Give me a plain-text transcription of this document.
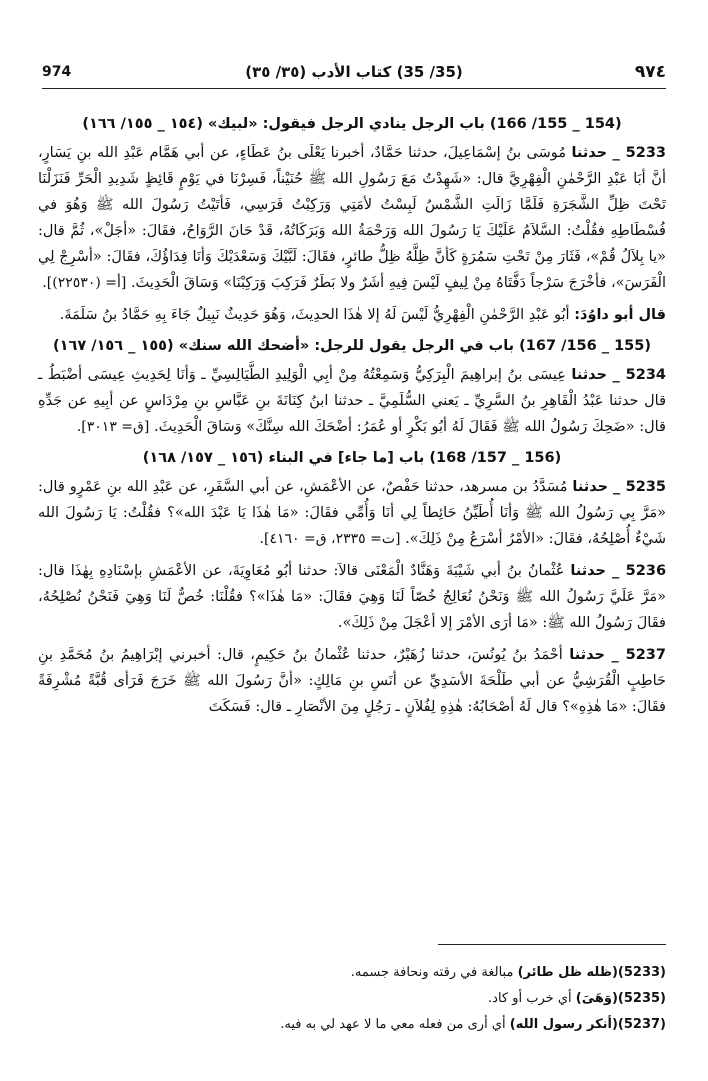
974	(35/ 35) كتاب الأدب (٣٥/ ٣٥)	٩٧٤
(154 _ 155/ 166) باب الرجل ينادي الرجل فيقول: «لبيك» (١٥٤ _ ١٥٥/ ١٦٦)

5233 _ حدثنا مُوسَى بنُ إسْمَاعِيلَ، حدثنا حَمَّادٌ، أخبرنا يَعْلَى بنُ عَطَاءٍ، عن أبي هَمَّام عَبْدِ الله بنِ يَسَارٍ، أنَّ أبَا عَبْدِ الرَّحْمٰنِ الْفِهْرِيَّ قال: «شَهِدْتُ مَعَ رَسُولِ الله ﷺ حُنَيْناً، فَسِرْنَا في يَوْمٍ قَائِظٍ شَدِيدِ الْحَرِّ فَنَزَلْنَا تَحْتَ ظِلِّ الشَّجَرَةِ فَلَمَّا زَالَتِ الشَّمْسُ لَبِسْتُ لأمَتِي وَرَكِبْتُ فَرَسِي، فَأتَيْتُ رَسُولَ الله ﷺ وَهُوَ في فُسْطَاطِهِ فقُلْتُ: السَّلاَمُ عَلَيْكَ يَا رَسُولَ الله وَرَحْمَةُ الله وَبَرَكَاتُهُ، قَدْ حَانَ الرَّوَاحُ، فقَالَ: «أجَلْ»، ثُمَّ قال: «يا بِلاَلُ قُمْ»، فَثَارَ مِنْ تَحْتِ سَمُرَةٍ كَأنَّ ظِلَّهُ ظِلُّ طائرٍ، فقَالَ: لَبَّيْكَ وَسَعْدَيْكَ وَأنَا فِدَاؤُكَ، فقَالَ: «أسْرِجْ لِي الْفَرَسَ»، فأخْرَجَ سَرْجاً دَفَّتَاهُ مِنْ لِيفٍ لَيْسَ فِيهِ أشَرٌ ولا بَطَرٌ فَرَكِبَ وَرَكِبْنَا» وَسَاقَ الْحَدِيثَ. [أ= (٢٢٥٣٠)].

قال أبو داوُدَ: أبُو عَبْدِ الرَّحْمٰنِ الْفِهْرِيُّ لَيْسَ لَهُ إلا هٰذَا الحدِيثَ، وَهُوَ حَدِيثٌ نَبِيلٌ جَاءَ بِهِ حَمَّادُ بنُ سَلَمَةَ.

(155 _ 156/ 167) باب في الرجل يقول للرجل: «أضحك الله سنك» (١٥٥ _ ١٥٦/ ١٦٧)

5234 _ حدثنا عِيسَى بنُ إبراهِيمَ الْبِرَكِيُّ وَسَمِعْتُهُ مِنْ أبِي الْوَلِيدِ الطَّيَالِسِيِّ ـ وَأنَا لِحَدِيثِ عِيسَى أضْبَطُ ـ قال حدثنا عَبْدُ الْقَاهِرِ بنُ السَّرِيِّ ـ يَعني السُّلَمِيَّ ـ حدثنا ابنُ كِنَانَةَ بنِ عَبَّاسِ بنِ مِرْدَاسٍ عن أبِيهِ عن جَدِّهِ قال: «ضَحِكَ رَسُولُ الله ﷺ فَقَالَ لَهُ أبُو بَكْرٍ أو عُمَرُ: أضْحَكَ الله سِنَّكَ» وَسَاقَ الْحَدِيثَ. [ق= ٣٠١٣].

(156 _ 157/ 168) باب [ما جاء] في البناء (١٥٦ _ ١٥٧/ ١٦٨)

5235 _ حدثنا مُسَدَّدُ بن مسرهد، حدثنا حَفْصٌ، عن الأعْمَشِ، عن أبي السَّفَرِ، عن عَبْدِ الله بنِ عَمْرٍو قال: «مَرَّ بِي رَسُولُ الله ﷺ وَأنَا أُطَيِّنُ حَائِطاً لِي أنَا وَأُمِّي فقَالَ: «مَا هٰذَا يَا عَبْدَ الله»؟ فقُلْتُ: يَا رَسُولَ الله شَيْءٌ أُصْلِحُهُ، فقَالَ: «الأمْرُ أسْرَعُ مِنْ ذَلِكَ». [ت= ٢٣٣٥، ق= ٤١٦٠].

5236 _ حدثنا عُثْمانُ بنُ أبي شَيْبَةَ وَهَنَّادٌ الْمَعْنَى قالاَ: حدثنا أبُو مُعَاوِيَةَ، عن الأعْمَشِ بإسْنَادِهِ بِهٰذَا قال: «مَرَّ عَلَيَّ رَسُولُ الله ﷺ وَنَحْنُ نُعَالِجُ خُصّاً لَنَا وَهِيَ فقَالَ: «مَا هٰذَا»؟ فقُلْنَا: خُصٌّ لَنَا وَهِيَ فَنَحْنُ نُصْلِحُهُ، فقَالَ رَسُولُ الله ﷺ: «مَا أرَى الأمْرَ إلا أعْجَلَ مِنْ ذَلِكَ».

5237 _ حدثنا أحْمَدُ بنُ يُونُسَ، حدثنا زُهَيْرٌ، حدثنا عُثْمانُ بنُ حَكِيمٍ، قال: أخبرني إبْرَاهِيمُ بنُ مُحَمَّدِ بنِ حَاطِبٍ الْقُرَشِيُّ عن أبي طَلْحَةَ الأسَدِيِّ عن أنَسِ بنِ مَالِكٍ: «أنَّ رَسُولَ الله ﷺ خَرَجَ فَرَأى قُبَّةً مُشْرِفَةً فقَالَ: «مَا هٰذِهِ»؟ قال لَهُ أصْحَابُهُ: هٰذِهِ لِفُلاَنٍ ـ رَجُلٍ مِنَ الأنْصَارِ ـ قال: فَسَكَتَ

(5233)(ظله ظل طائر) مبالغة في رقته ونحافة جسمه.
(5235)(وَهَىَ) أي خرب أو كاد.
(5237)(أنكر رسول الله) أي أرى من فعله معي ما لا عهد لي به فيه.
